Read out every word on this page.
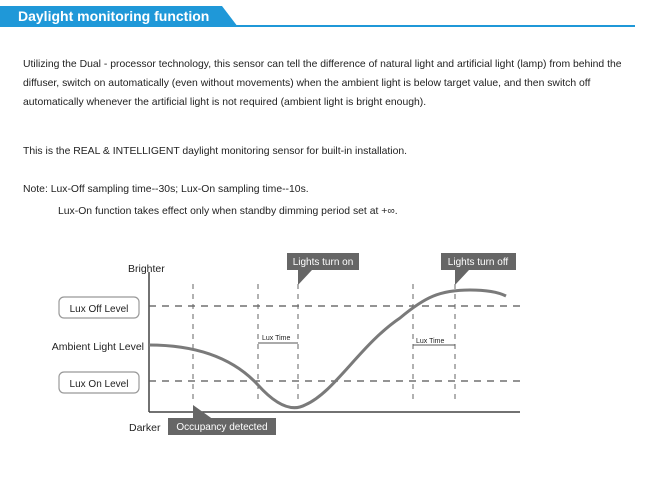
Daylight monitoring function
Utilizing the Dual - processor technology, this sensor can tell the difference of natural light and artificial light (lamp) from behind the diffuser, switch on automatically (even without movements) when the ambient light is below target value, and then switch off automatically whenever the artificial light is not required (ambient light is bright enough).
This is the REAL & INTELLIGENT daylight monitoring sensor for built-in installation.
Note: Lux-Off sampling time--30s; Lux-On sampling time--10s.
Lux-On function takes effect only when standby dimming period set at +∞.
Brighter
Darker
Lux Time	Lux Time
Lux Off Level
Ambient Light Level
Lux On Level
Lights turn on	Lights turn off
Occupancy detected
